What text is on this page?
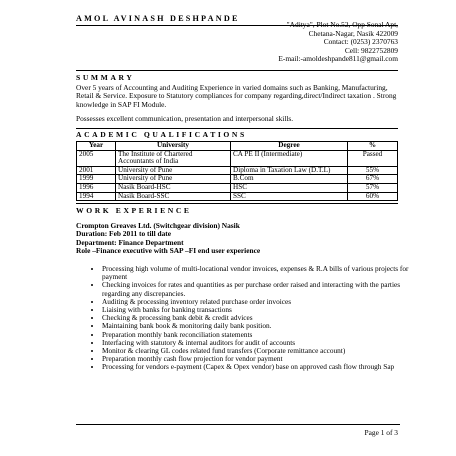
AMOL AVINASH DESHPANDE
"Aditya", Plot No.52, Opp Sonal Apt,
Chetana-Nagar, Nasik 422009
Contact: (0253) 2370763
Cell: 9822752809
E-mail:-amoldeshpande811@gmail.com
SUMMARY
Over 5 years of Accounting and Auditing Experience in varied domains such as Banking, Manufacturing, Retail & Service. Exposure to Statutory compliances for company regarding,direct/Indirect taxation . Strong knowledge in SAP FI Module.
Possesses excellent communication, presentation and interpersonal skills.
ACADEMIC QUALIFICATIONS
Year	University	Degree	%
2005	The Institute of Chartered Accountants of India	CA PE II (Intermediate)	Passed
2001	University of Pune	Diploma in Taxation Law (D.T.L)	55%
1999	University of Pune	B.Com	67%
1996	Nasik Board-HSC	HSC	57%
1994	Nasik Board-SSC	SSC	60%
WORK EXPERIENCE
Crompton Greaves Ltd. (Switchgear division) Nasik
Duration: Feb 2011 to till date
Department: Finance Department
Role –Finance executive with SAP –FI end user experience
• Processing high volume of multi-locational vendor invoices, expenses & R.A bills of various projects for payment
• Checking invoices for rates and quantities as per purchase order raised and interacting with the parties regarding any discrepancies.
• Auditing & processing inventory related purchase order invoices
• Liaising with banks for banking transactions
• Checking & processing bank debit & credit advices
• Maintaining bank book & monitoring daily bank position.
• Preparation monthly bank reconciliation statements
• Interfacing with statutory & internal auditors for audit of accounts
• Monitor & clearing GL codes related fund transfers (Corporate remittance account)
• Preparation monthly cash flow projection for vendor payment
• Processing for vendors e-payment (Capex & Opex vendor) base on approved cash flow through Sap
Page 1 of 3
